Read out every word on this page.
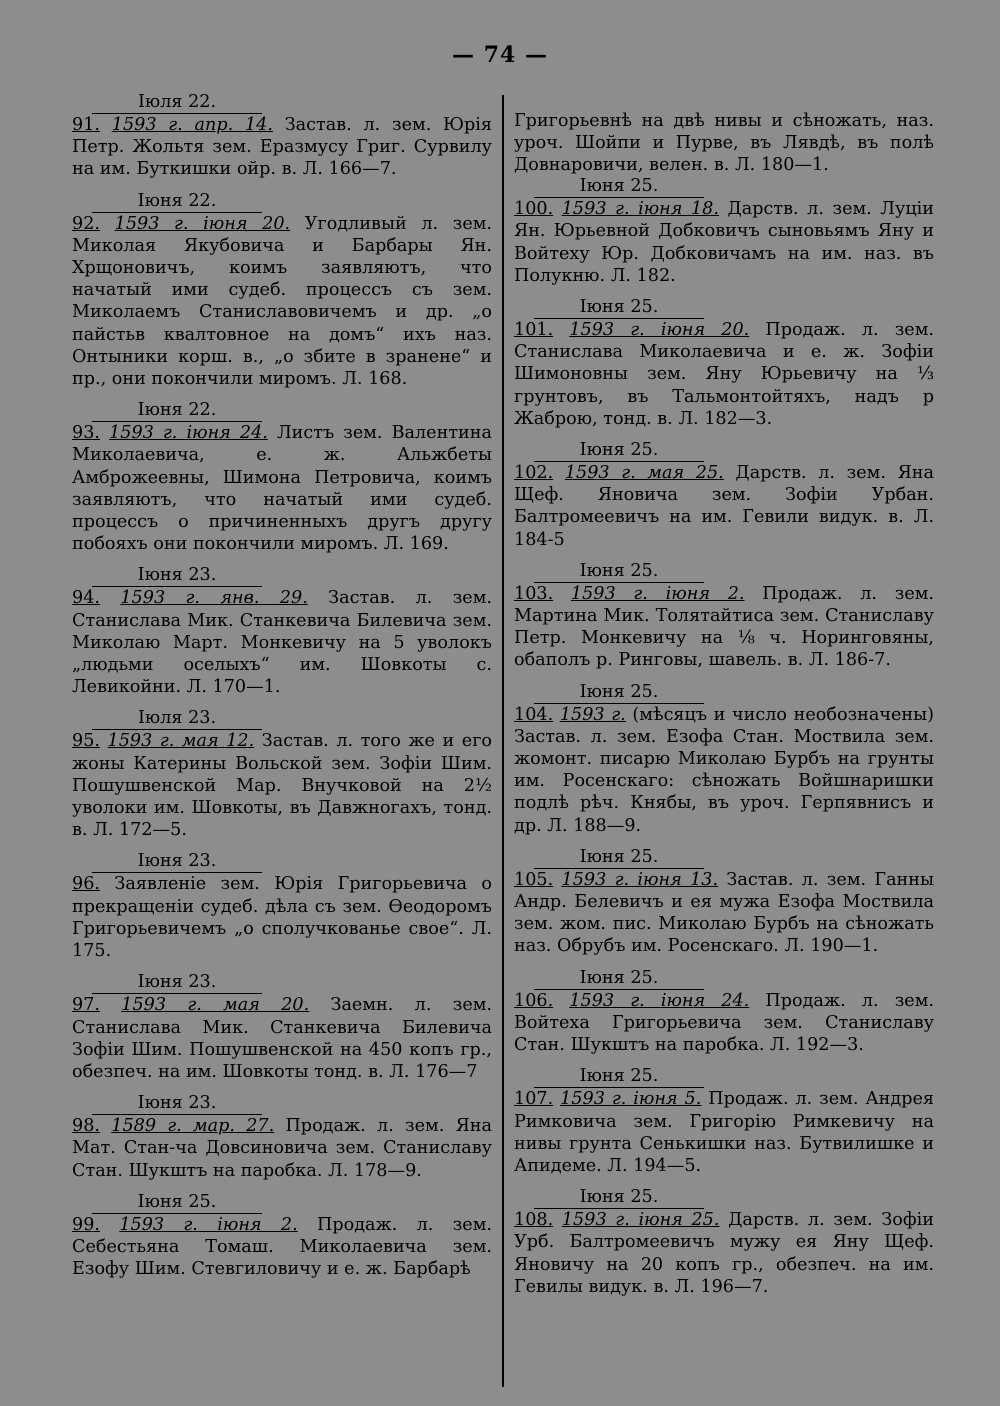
— 74 —
Іюля 22.

91. 1593 г. апр. 14. Застав. л. зем. Юрія Петр. Жольтя зем. Еразмусу Григ. Сурвилу на им. Буткишки ойр. в. Л. 166—7.

Іюня 22.

92. 1593 г. іюня 20. Угодливый л. зем. Миколая Якубовича и Барбары Ян. Хрщоновичъ, коимъ заявляютъ, что начатый ими судеб. процессъ съ зем. Миколаемъ Станиславовичемъ и др. „о пайстьв квалтовное на домъ“ ихъ наз. Онтыники корш. в., „о збите в зранене“ и пр., они покончили миромъ. Л. 168.

Іюня 22.

93. 1593 г. іюня 24. Листъ зем. Валентина Миколаевича, е. ж. Альжбеты Амброжеевны, Шимона Петровича, коимъ заявляютъ, что начатый ими судеб. процессъ о причиненныхъ другъ другу побояхъ они покончили миромъ. Л. 169.

Іюня 23.

94. 1593 г. янв. 29. Застав. л. зем. Станислава Мик. Станкевича Билевича зем. Миколаю Март. Монкевичу на 5 уволокъ „людьми оселыхъ“ им. Шовкоты с. Левикойни. Л. 170—1.

Іюля 23.

95. 1593 г. мая 12. Застав. л. того же и его жоны Катерины Вольской зем. Зофіи Шим. Пошушвенской Мар. Внучковой на 2½ уволоки им. Шовкоты, въ Давжногахъ, тонд. в. Л. 172—5.

Іюня 23.

96. Заявленіе зем. Юрія Григорьевича о прекращеніи судеб. дѣла съ зем. Ѳеодоромъ Григорьевичемъ „о сполучкованье свое“. Л. 175.

Іюня 23.

97. 1593 г. мая 20. Заемн. л. зем. Станислава Мик. Станкевича Билевича Зофіи Шим. Пошушвенской на 450 копъ гр., обезпеч. на им. Шовкоты тонд. в. Л. 176—7

Іюня 23.

98. 1589 г. мар. 27. Продаж. л. зем. Яна Мат. Стан-ча Довсиновича зем. Станиславу Стан. Шукштъ на паробка. Л. 178—9.

Іюня 25.

99. 1593 г. іюня 2. Продаж. л. зем. Себестьяна Томаш. Миколаевича зем. Езофу Шим. Стевгиловичу и е. ж. Барбарѣ

Григорьевнѣ на двѣ нивы и сѣножать, наз. уроч. Шойпи и Пурве, въ Лявдѣ, въ полѣ Довнаровичи, велен. в. Л. 180—1.

Іюня 25.

100. 1593 г. іюня 18. Дарств. л. зем. Луціи Ян. Юрьевной Добковичъ сыновьямъ Яну и Войтеху Юр. Добковичамъ на им. наз. въ Полукню. Л. 182.

Іюня 25.

101. 1593 г. іюня 20. Продаж. л. зем. Станислава Миколаевича и е. ж. Зофіи Шимоновны зем. Яну Юрьевичу на ⅓ грунтовъ, въ Тальмонтойтяхъ, надъ р Жаброю, тонд. в. Л. 182—3.

Іюня 25.

102. 1593 г. мая 25. Дарств. л. зем. Яна Щеф. Яновича зем. Зофіи Урбан. Балтромеевичъ на им. Гевили видук. в. Л. 184-5

Іюня 25.

103. 1593 г. іюня 2. Продаж. л. зем. Мартина Мик. Толятайтиса зем. Станиславу Петр. Монкевичу на ⅛ ч. Норинговяны, обаполъ р. Ринговы, шавель. в. Л. 186-7.

Іюня 25.

104. 1593 г. (мѣсяцъ и число необозначены) Застав. л. зем. Езофа Стан. Моствила зем. жомонт. писарю Миколаю Бурбъ на грунты им. Росенскаго: сѣножать Войшнаришки подлѣ рѣч. Княбы, въ уроч. Герпявнисъ и др. Л. 188—9.

Іюня 25.

105. 1593 г. іюня 13. Застав. л. зем. Ганны Андр. Белевичъ и ея мужа Езофа Моствила зем. жом. пис. Миколаю Бурбъ на сѣножать наз. Обрубъ им. Росенскаго. Л. 190—1.

Іюня 25.

106. 1593 г. іюня 24. Продаж. л. зем. Войтеха Григорьевича зем. Станиславу Стан. Шукштъ на паробка. Л. 192—3.

Іюня 25.

107. 1593 г. іюня 5. Продаж. л. зем. Андрея Римковича зем. Григорію Римкевичу на нивы грунта Сенькишки наз. Бутвилишке и Апидеме. Л. 194—5.

Іюня 25.

108. 1593 г. іюня 25. Дарств. л. зем. Зофіи Урб. Балтромеевичъ мужу ея Яну Щеф. Яновичу на 20 копъ гр., обезпеч. на им. Гевилы видук. в. Л. 196—7.
